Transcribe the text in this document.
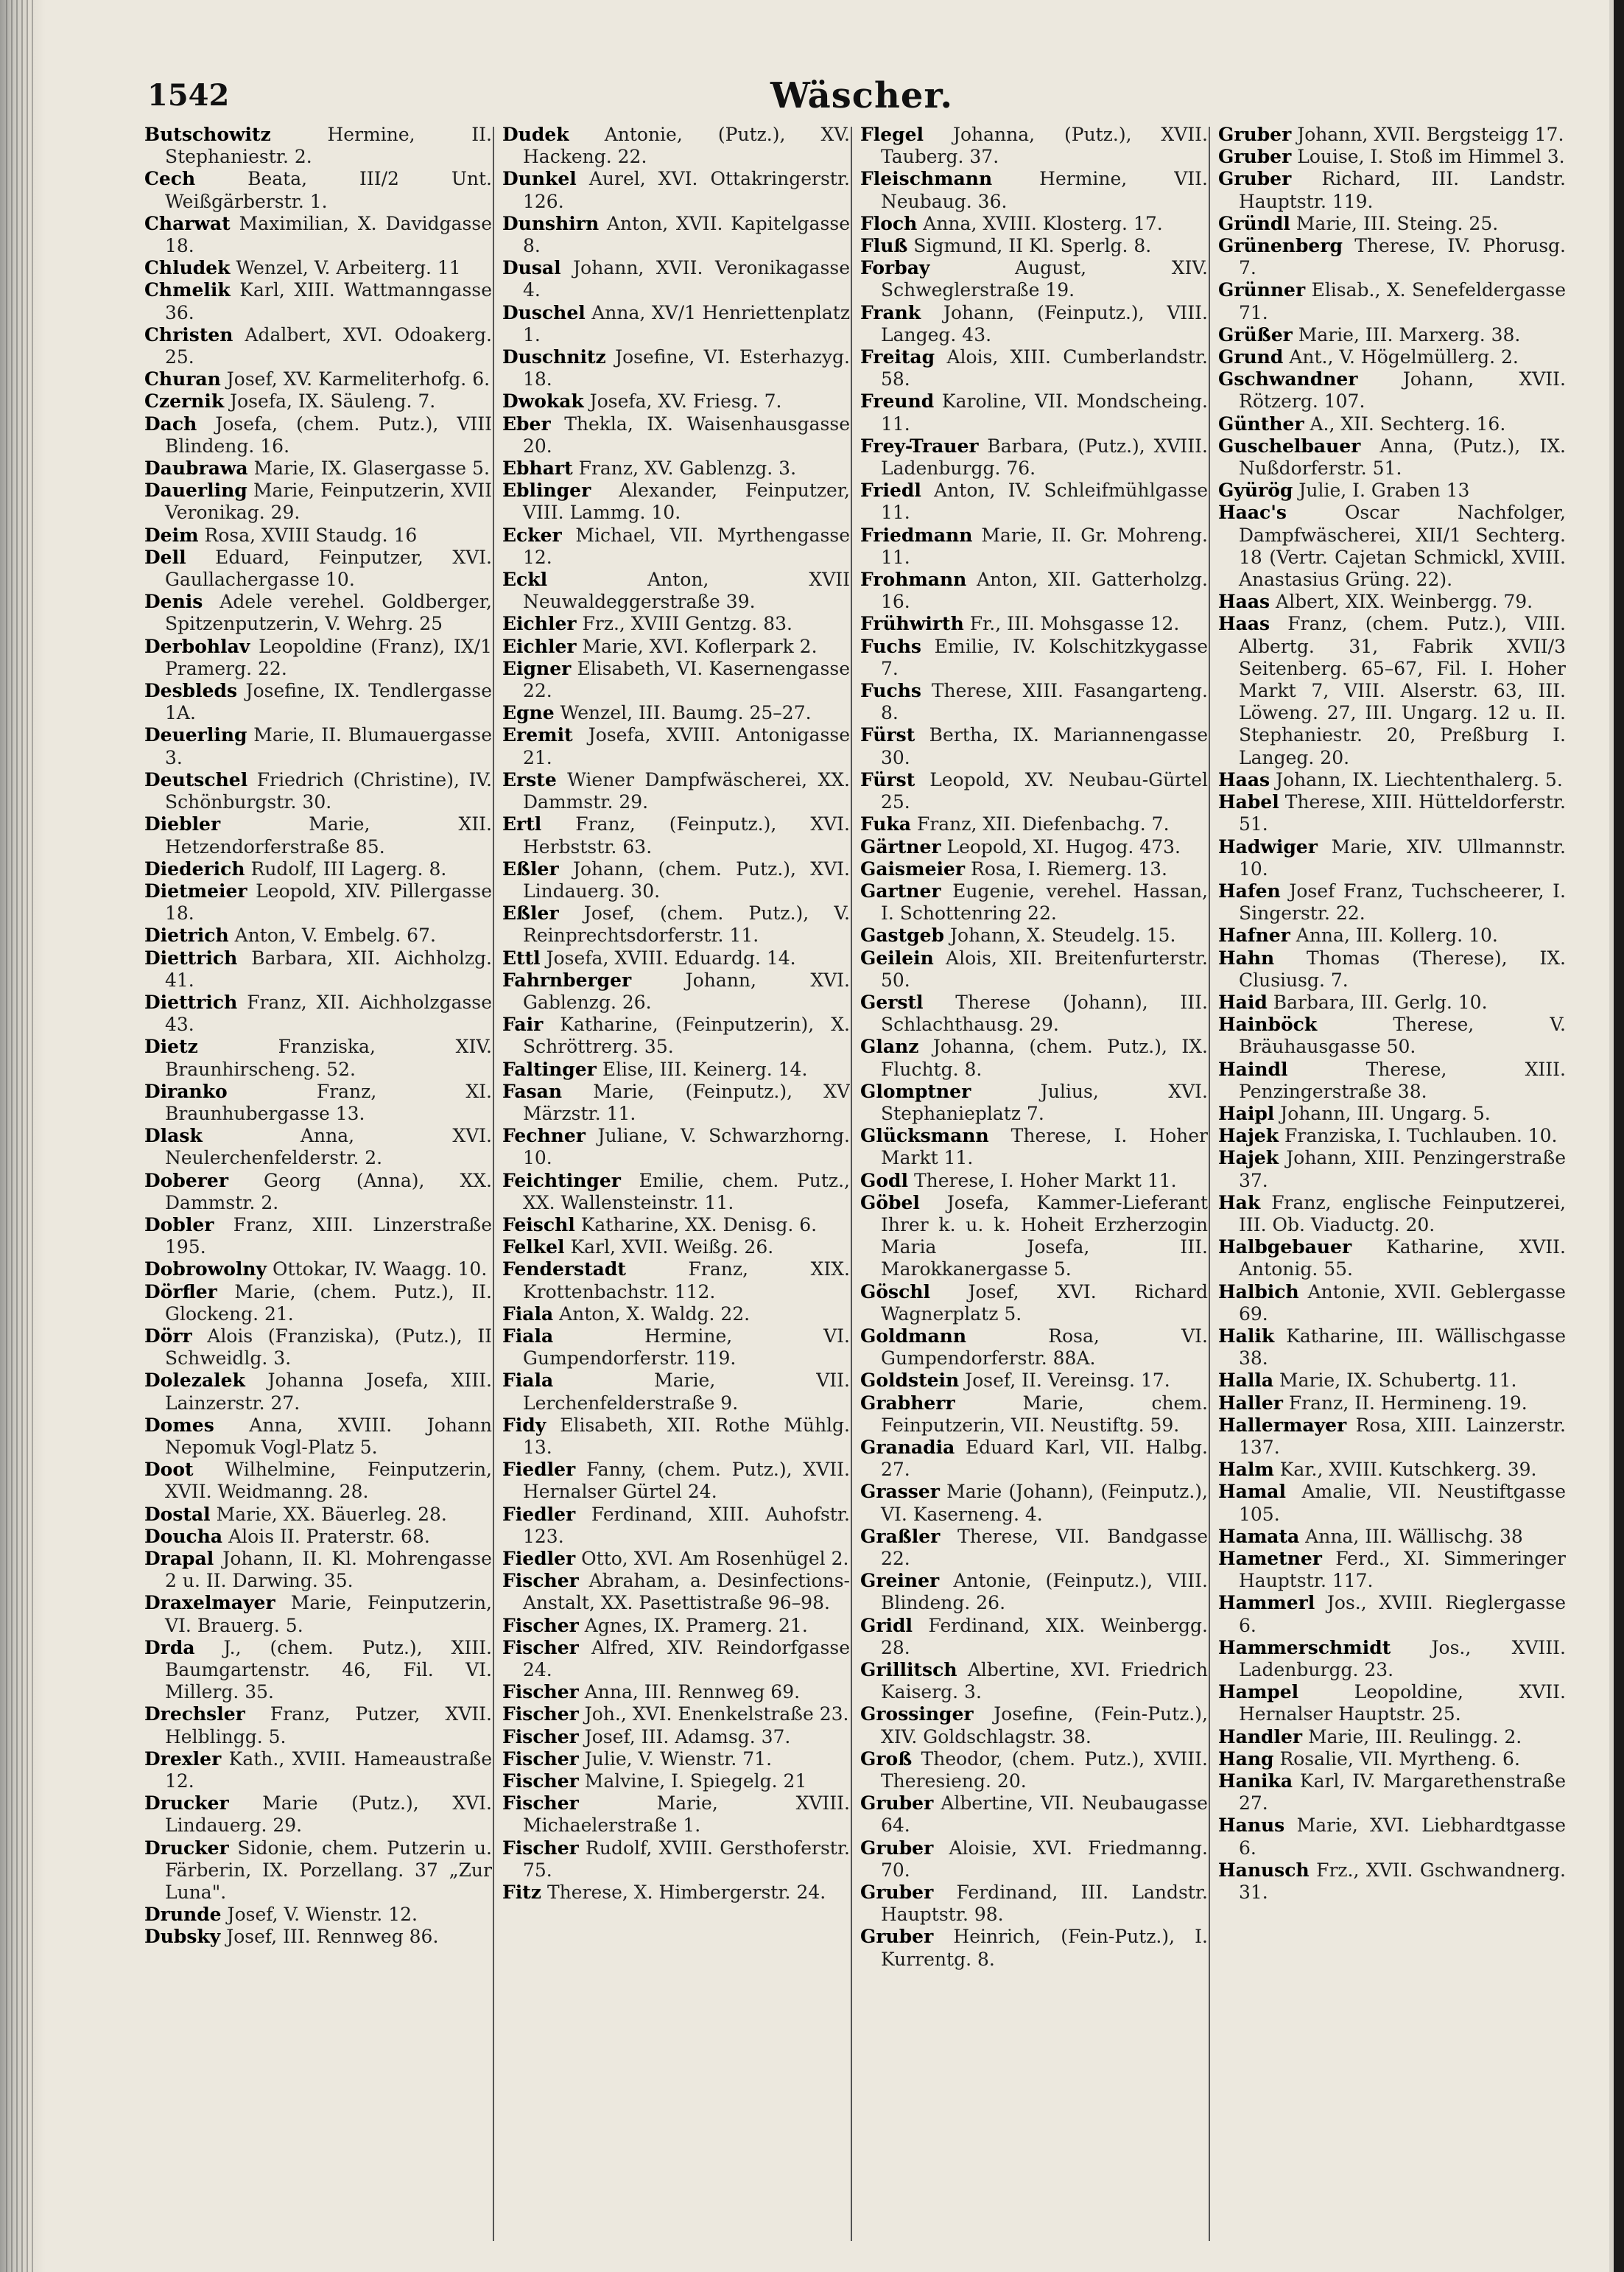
1542	Wäscher.
Butschowitz	Hermine, II. Stephaniestr. 2.
Cech	Beata, III/2 Unt. Weißgärberstr. 1.
Charwat Maximilian, X. Davidgasse 18.
Chludek Wenzel, V. Arbeiterg. 11
Chmelik Karl, XIII. Wattmanngasse 36.
Christen Adalbert, XVI. Odoakerg. 25.
Churan Josef, XV. Karmeliterhofg. 6.
Czernik Josefa, IX. Säuleng. 7.
Dach Josefa, (chem. Putz.), VIII Blindeng. 16.
Daubrawa Marie, IX. Glasergasse 5.
Dauerling Marie, Feinputzerin, XVII Veronikag. 29.
Deim Rosa, XVIII Staudg. 16
Dell Eduard, Feinputzer, XVI. Gaullachergasse 10.
Denis Adele verehel. Goldberger, Spitzenputzerin, V. Wehrg. 25
Derbohlav Leopoldine (Franz), IX/1 Pramerg. 22.
Desbleds Josefine, IX. Tendlergasse 1A.
Deuerling Marie, II. Blumauergasse 3.
Deutschel Friedrich (Christine), IV. Schönburgstr. 30.
Diebler	Marie, XII. Hetzendorferstraße 85.
Diederich Rudolf, III Lagerg. 8.
Dietmeier Leopold, XIV. Pillergasse 18.
Dietrich Anton, V. Embelg. 67.
Diettrich Barbara, XII. Aichholzg. 41.
Diettrich Franz, XII. Aichholzgasse 43.
Dietz	Franziska, XIV. Braunhirscheng. 52.
Diranko	Franz, XI. Braunhubergasse 13.
Dlask	Anna, XVI. Neulerchenfelderstr. 2.
Doberer Georg (Anna), XX. Dammstr. 2.
Dobler Franz, XIII. Linzerstraße 195.
Dobrowolny Ottokar, IV. Waagg. 10.
Dörfler Marie, (chem. Putz.), II. Glockeng. 21.
Dörr Alois (Franziska), (Putz.), II Schweidlg. 3.
Dolezalek Johanna Josefa, XIII. Lainzerstr. 27.
Domes Anna, XVIII. Johann Nepomuk Vogl-Platz 5.
Doot Wilhelmine, Feinputzerin, XVII. Weidmanng. 28.
Dostal Marie, XX. Bäuerleg. 28.
Doucha Alois II. Praterstr. 68.
Drapal Johann, II. Kl. Mohrengasse 2 u. II. Darwing. 35.
Draxelmayer Marie, Feinputzerin, VI. Brauerg. 5.
Drda J., (chem. Putz.), XIII. Baumgartenstr. 46, Fil. VI. Millerg. 35.
Drechsler Franz, Putzer, XVII. Helblingg. 5.
Drexler Kath., XVIII. Hameaustraße 12.
Drucker Marie (Putz.), XVI. Lindauerg. 29.
Drucker Sidonie, chem. Putzerin u. Färberin, IX. Porzellang. 37 „Zur Luna".
Drunde Josef, V. Wienstr. 12.
Dubsky Josef, III. Rennweg 86.
Dudek Antonie, (Putz.), XV. Hackeng. 22.
Dunkel Aurel, XVI. Ottakringerstr. 126.
Dunshirn Anton, XVII. Kapitelgasse 8.
Dusal Johann, XVII. Veronikagasse 4.
Duschel Anna, XV/1 Henriettenplatz 1.
Duschnitz Josefine, VI. Esterhazyg. 18.
Dwokak Josefa, XV. Friesg. 7.
Eber Thekla, IX. Waisenhausgasse 20.
Ebhart Franz, XV. Gablenzg. 3.
Eblinger Alexander, Feinputzer, VIII. Lammg. 10.
Ecker Michael, VII. Myrthengasse 12.
Eckl	Anton, XVII Neuwaldeggerstraße 39.
Eichler Frz., XVIII Gentzg. 83.
Eichler Marie, XVI. Koflerpark 2.
Eigner Elisabeth, VI. Kasernengasse 22.
Egne Wenzel, III. Baumg. 25–27.
Eremit Josefa, XVIII. Antonigasse 21.
Erste Wiener Dampfwäscherei, XX. Dammstr. 29.
Ertl Franz, (Feinputz.), XVI. Herbststr. 63.
Eßler Johann, (chem. Putz.), XVI. Lindauerg. 30.
Eßler Josef, (chem. Putz.), V. Reinprechtsdorferstr. 11.
Ettl Josefa, XVIII. Eduardg. 14.
Fahrnberger	Johann, XVI. Gablenzg. 26.
Fair Katharine, (Feinputzerin), X. Schröttrerg. 35.
Faltinger Elise, III. Keinerg. 14.
Fasan Marie, (Feinputz.), XV Märzstr. 11.
Fechner Juliane, V. Schwarzhorng. 10.
Feichtinger Emilie, chem. Putz., XX. Wallensteinstr. 11.
Feischl Katharine, XX. Denisg. 6.
Felkel Karl, XVII. Weißg. 26.
Fenderstadt	Franz, XIX. Krottenbachstr. 112.
Fiala Anton, X. Waldg. 22.
Fiala	Hermine, VI. Gumpendorferstr. 119.
Fiala	Marie, VII. Lerchenfelderstraße 9.
Fidy Elisabeth, XII. Rothe Mühlg. 13.
Fiedler Fanny, (chem. Putz.), XVII. Hernalser Gürtel 24.
Fiedler Ferdinand, XIII. Auhofstr. 123.
Fiedler Otto, XVI. Am Rosenhügel 2.
Fischer Abraham, a. Desinfections-Anstalt, XX. Pasettistraße 96–98.
Fischer Agnes, IX. Pramerg. 21.
Fischer Alfred, XIV. Reindorfgasse 24.
Fischer Anna, III. Rennweg 69.
Fischer Joh., XVI. Enenkelstraße 23.
Fischer Josef, III. Adamsg. 37.
Fischer Julie, V. Wienstr. 71.
Fischer Malvine, I. Spiegelg. 21
Fischer	Marie, XVIII. Michaelerstraße 1.
Fischer Rudolf, XVIII. Gersthoferstr. 75.
Fitz Therese, X. Himbergerstr. 24.
Flegel Johanna, (Putz.), XVII. Tauberg. 37.
Fleischmann	Hermine, VII. Neubaug. 36.
Floch Anna, XVIII. Klosterg. 17.
Fluß Sigmund, II Kl. Sperlg. 8.
Forbay	August, XIV. Schweglerstraße 19.
Frank Johann, (Feinputz.), VIII. Langeg. 43.
Freitag Alois, XIII. Cumberlandstr. 58.
Freund Karoline, VII. Mondscheing. 11.
Frey-Trauer Barbara, (Putz.), XVIII. Ladenburgg. 76.
Friedl Anton, IV. Schleifmühlgasse 11.
Friedmann Marie, II. Gr. Mohreng. 11.
Frohmann Anton, XII. Gatterholzg. 16.
Frühwirth Fr., III. Mohsgasse 12.
Fuchs Emilie, IV. Kolschitzkygasse 7.
Fuchs Therese, XIII. Fasangarteng. 8.
Fürst Bertha, IX. Mariannengasse 30.
Fürst Leopold, XV. Neubau-Gürtel 25.
Fuka Franz, XII. Diefenbachg. 7.
Gärtner Leopold, XI. Hugog. 473.
Gaismeier Rosa, I. Riemerg. 13.
Gartner Eugenie, verehel. Hassan, I. Schottenring 22.
Gastgeb Johann, X. Steudelg. 15.
Geilein Alois, XII. Breitenfurterstr. 50.
Gerstl Therese (Johann), III. Schlachthausg. 29.
Glanz Johanna, (chem. Putz.), IX. Fluchtg. 8.
Glomptner	Julius, XVI. Stephanieplatz 7.
Glücksmann Therese, I. Hoher Markt 11.
Godl Therese, I. Hoher Markt 11.
Göbel Josefa, Kammer-Lieferant Ihrer k. u. k. Hoheit Erzherzogin Maria Josefa, III. Marokkanergasse 5.
Göschl Josef, XVI. Richard Wagnerplatz 5.
Goldmann	Rosa, VI. Gumpendorferstr. 88A.
Goldstein Josef, II. Vereinsg. 17.
Grabherr	Marie, chem. Feinputzerin, VII. Neustiftg. 59.
Granadia Eduard Karl, VII. Halbg. 27.
Grasser Marie (Johann), (Feinputz.), VI. Kaserneng. 4.
Graßler Therese, VII. Bandgasse 22.
Greiner Antonie, (Feinputz.), VIII. Blindeng. 26.
Gridl Ferdinand, XIX. Weinbergg. 28.
Grillitsch Albertine, XVI. Friedrich Kaiserg. 3.
Grossinger Josefine, (Fein-Putz.), XIV. Goldschlagstr. 38.
Groß Theodor, (chem. Putz.), XVIII. Theresieng. 20.
Gruber Albertine, VII. Neubaugasse 64.
Gruber Aloisie, XVI. Friedmanng. 70.
Gruber Ferdinand, III. Landstr. Hauptstr. 98.
Gruber Heinrich, (Fein-Putz.), I. Kurrentg. 8.
Gruber Johann, XVII. Bergsteigg 17.
Gruber Louise, I. Stoß im Himmel 3.
Gruber Richard, III. Landstr. Hauptstr. 119.
Gründl Marie, III. Steing. 25.
Grünenberg Therese, IV. Phorusg. 7.
Grünner Elisab., X. Senefeldergasse 71.
Grüßer Marie, III. Marxerg. 38.
Grund Ant., V. Högelmüllerg. 2.
Gschwandner Johann, XVII. Rötzerg. 107.
Günther A., XII. Sechterg. 16.
Guschelbauer Anna, (Putz.), IX. Nußdorferstr. 51.
Gyürög Julie, I. Graben 13
Haac's	Oscar Nachfolger, Dampfwäscherei, XII/1 Sechterg. 18 (Vertr. Cajetan Schmickl, XVIII. Anastasius Grüng. 22).
Haas Albert, XIX. Weinbergg. 79.
Haas Franz, (chem. Putz.), VIII. Albertg. 31, Fabrik XVII/3 Seitenberg. 65–67, Fil. I. Hoher Markt 7, VIII. Alserstr. 63, III. Löweng. 27, III. Ungarg. 12 u. II. Stephaniestr. 20, Preßburg I. Langeg. 20.
Haas Johann, IX. Liechtenthalerg. 5.
Habel Therese, XIII. Hütteldorferstr. 51.
Hadwiger Marie, XIV. Ullmannstr. 10.
Hafen Josef Franz, Tuchscheerer, I. Singerstr. 22.
Hafner Anna, III. Kollerg. 10.
Hahn Thomas (Therese), IX. Clusiusg. 7.
Haid Barbara, III. Gerlg. 10.
Hainböck	Therese, V. Bräuhausgasse 50.
Haindl	Therese, XIII. Penzingerstraße 38.
Haipl Johann, III. Ungarg. 5.
Hajek Franziska, I. Tuchlauben. 10.
Hajek Johann, XIII. Penzingerstraße 37.
Hak Franz, englische Feinputzerei, III. Ob. Viaductg. 20.
Halbgebauer Katharine, XVII. Antonig. 55.
Halbich Antonie, XVII. Geblergasse 69.
Halik Katharine, III. Wällischgasse 38.
Halla Marie, IX. Schubertg. 11.
Haller Franz, II. Hermineng. 19.
Hallermayer Rosa, XIII. Lainzerstr. 137.
Halm Kar., XVIII. Kutschkerg. 39.
Hamal Amalie, VII. Neustiftgasse 105.
Hamata Anna, III. Wällischg. 38
Hametner Ferd., XI. Simmeringer Hauptstr. 117.
Hammerl Jos., XVIII. Rieglergasse 6.
Hammerschmidt Jos., XVIII. Ladenburgg. 23.
Hampel	Leopoldine, XVII. Hernalser Hauptstr. 25.
Handler Marie, III. Reulingg. 2.
Hang Rosalie, VII. Myrtheng. 6.
Hanika Karl, IV. Margarethenstraße 27.
Hanus Marie, XVI. Liebhardtgasse 6.
Hanusch Frz., XVII. Gschwandnerg. 31.
